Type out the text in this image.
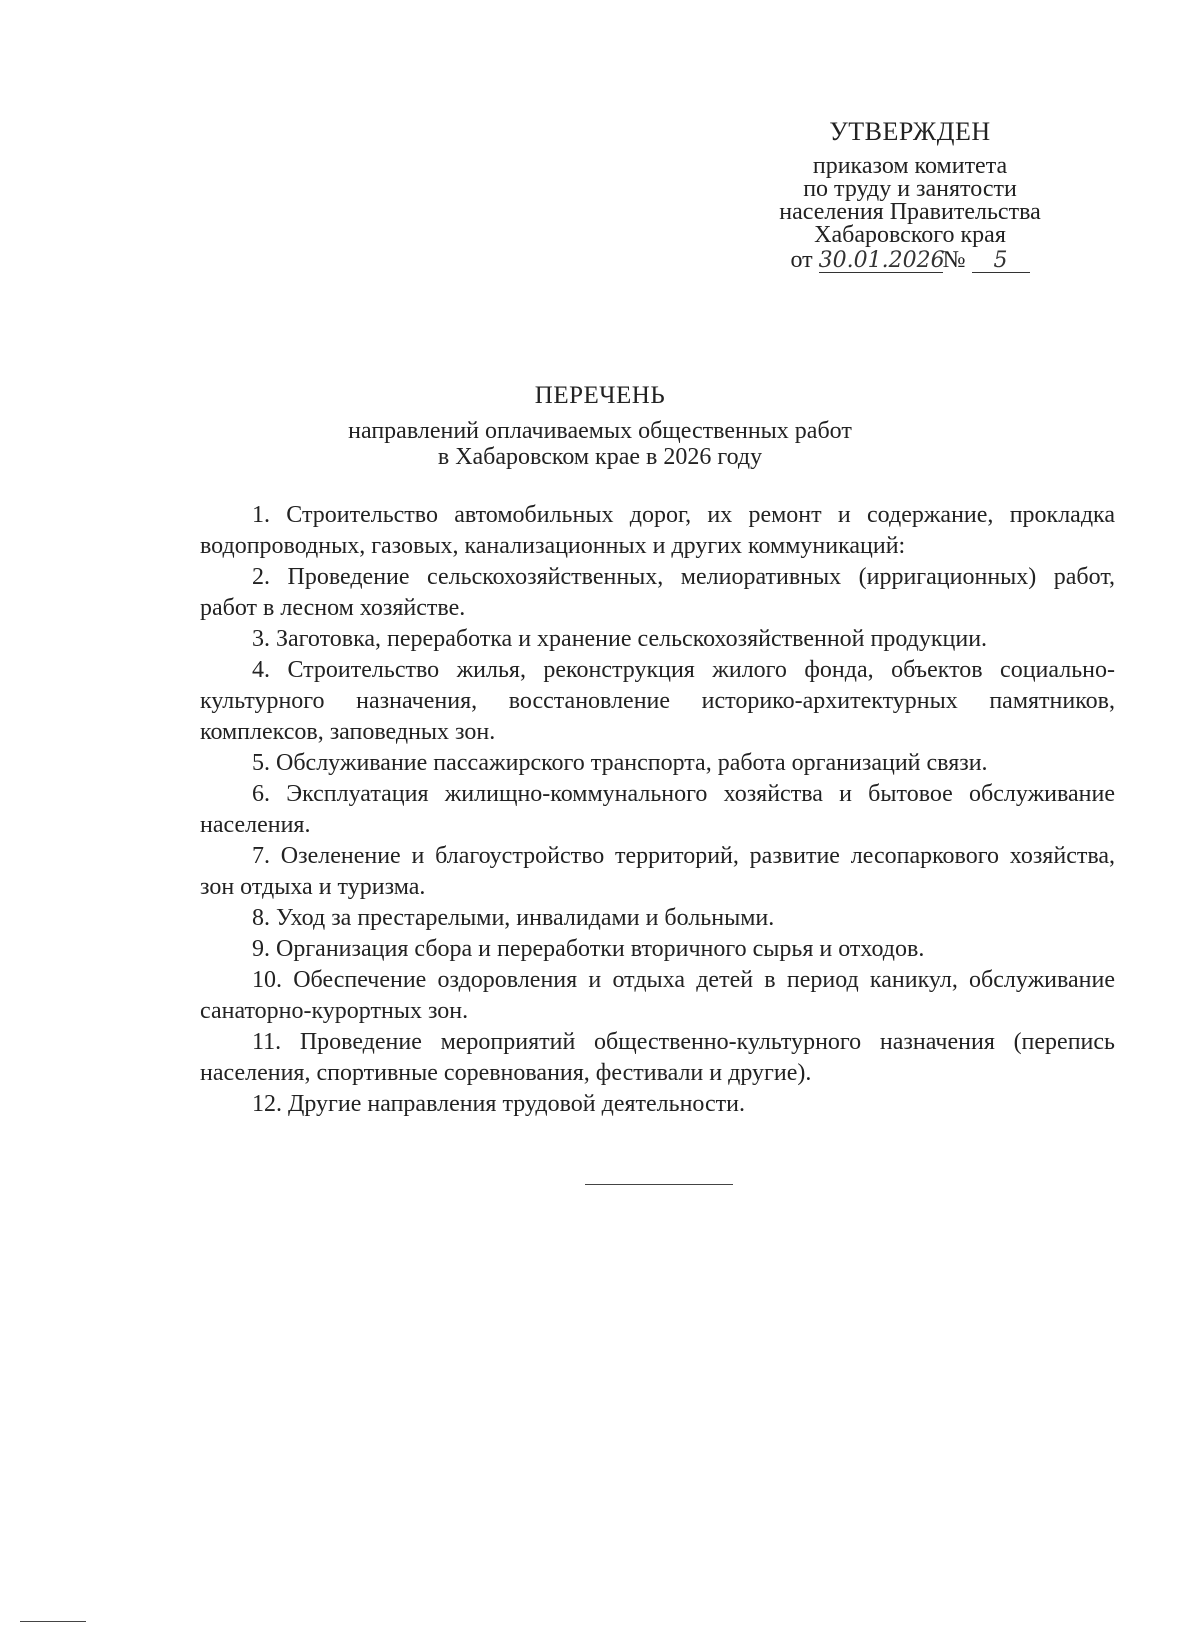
УТВЕРЖДЕН
приказом комитета
по труду и занятости
населения Правительства
Хабаровского края
от 30.01.2026№ 5
ПЕРЕЧЕНЬ
направлений оплачиваемых общественных работ
в Хабаровском крае в 2026 году

1. Строительство автомобильных дорог, их ремонт и содержание, прокладка водопроводных, газовых, канализационных и других коммуникаций:

2. Проведение сельскохозяйственных, мелиоративных (ирригационных) работ, работ в лесном хозяйстве.

3. Заготовка, переработка и хранение сельскохозяйственной продукции.

4. Строительство жилья, реконструкция жилого фонда, объектов социально-культурного назначения, восстановление историко-архитектурных памятников, комплексов, заповедных зон.

5. Обслуживание пассажирского транспорта, работа организаций связи.

6. Эксплуатация жилищно-коммунального хозяйства и бытовое обслуживание населения.

7. Озеленение и благоустройство территорий, развитие лесопаркового хозяйства, зон отдыха и туризма.

8. Уход за престарелыми, инвалидами и больными.

9. Организация сбора и переработки вторичного сырья и отходов.

10. Обеспечение оздоровления и отдыха детей в период каникул, обслуживание санаторно-курортных зон.

11. Проведение мероприятий общественно-культурного назначения (перепись населения, спортивные соревнования, фестивали и другие).

12. Другие направления трудовой деятельности.
